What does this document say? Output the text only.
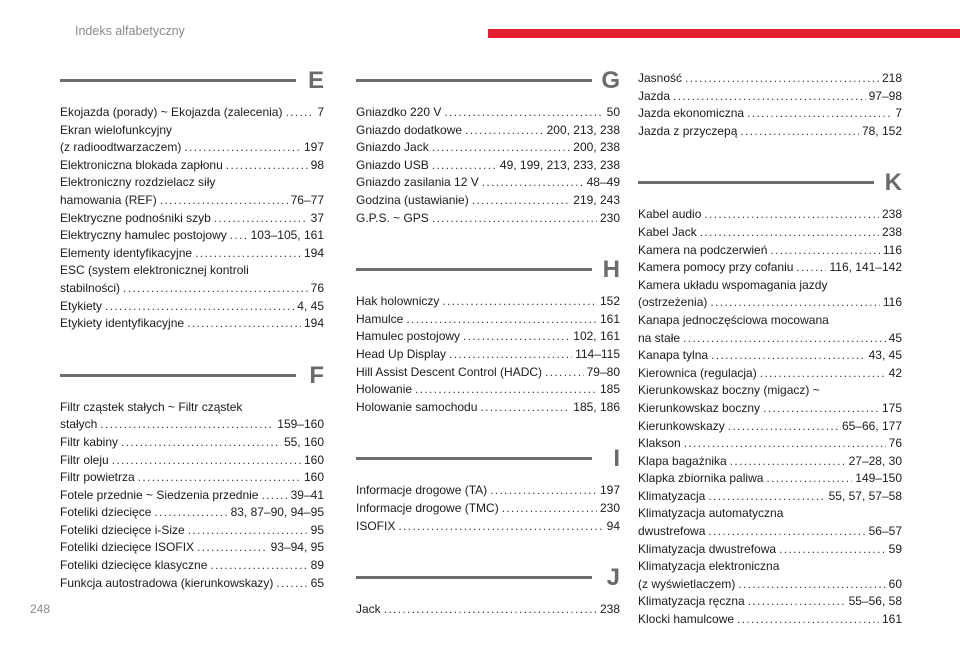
Indeks alfabetyczny
E
Ekojazda (porady) ~ Ekojazda (zalecenia) . . .	7
Ekran wielofunkcyjny
(z radioodtwarzaczem) . . .	197
Elektroniczna blokada zapłonu . . .	98
Elektroniczny rozdzielacz siły
hamowania (REF) . . .	76–77
Elektryczne podnośniki szyb . . .	37
Elektryczny hamulec postojowy . . . 103–105, 161
Elementy identyfikacyjne . . .	194
ESC (system elektronicznej kontroli
stabilności) . . .	76
Etykiety . . .	4, 45
Etykiety identyfikacyjne . . .	194
F
Filtr cząstek stałych ~ Filtr cząstek
stałych . . .	159–160
Filtr kabiny . . .	55, 160
Filtr oleju . . .	160
Filtr powietrza . . .	160
Fotele przednie ~ Siedzenia przednie . . .	39–41
Foteliki dziecięce . . .	83, 87–90, 94–95
Foteliki dziecięce i-Size . . .	95
Foteliki dziecięce ISOFIX . . .	93–94, 95
Foteliki dziecięce klasyczne . . .	89
Funkcja autostradowa (kierunkowskazy) . . .	65
G
Gniazdko 220 V . . .	50
Gniazdo dodatkowe . . .	200, 213, 238
Gniazdo Jack . . .	200, 238
Gniazdo USB . . .	49, 199, 213, 233, 238
Gniazdo zasilania 12 V . . .	48–49
Godzina (ustawianie) . . .	219, 243
G.P.S. ~ GPS . . .	230
H
Hak holowniczy . . .	152
Hamulce . . .	161
Hamulec postojowy . . .	102, 161
Head Up Display . . .	114–115
Hill Assist Descent Control (HADC) . . .	79–80
Holowanie . . .	185
Holowanie samochodu . . .	185, 186
I
Informacje drogowe (TA) . . .	197
Informacje drogowe (TMC) . . .	230
ISOFIX . . .	94
J
Jack . . .	238
Jasność . . .	218
Jazda . . .	97–98
Jazda ekonomiczna . . .	7
Jazda z przyczepą . . .	78, 152
K
Kabel audio . . .	238
Kabel Jack . . .	238
Kamera na podczerwień . . .	116
Kamera pomocy przy cofaniu . . .	116, 141–142
Kamera układu wspomagania jazdy
(ostrzeżenia) . . .	116
Kanapa jednoczęściowa mocowana
na stałe . . .	45
Kanapa tylna . . .	43, 45
Kierownica (regulacja) . . .	42
Kierunkowskaz boczny (migacz) ~
Kierunkowskaz boczny . . .	175
Kierunkowskazy . . .	65–66, 177
Klakson . . .	76
Klapa bagażnika . . .	27–28, 30
Klapka zbiornika paliwa . . .	149–150
Klimatyzacja . . .	55, 57, 57–58
Klimatyzacja automatyczna
dwustrefowa . . .	56–57
Klimatyzacja dwustrefowa . . .	59
Klimatyzacja elektroniczna
(z wyświetlaczem) . . .	60
Klimatyzacja ręczna . . .	55–56, 58
Klocki hamulcowe . . .	161
248
